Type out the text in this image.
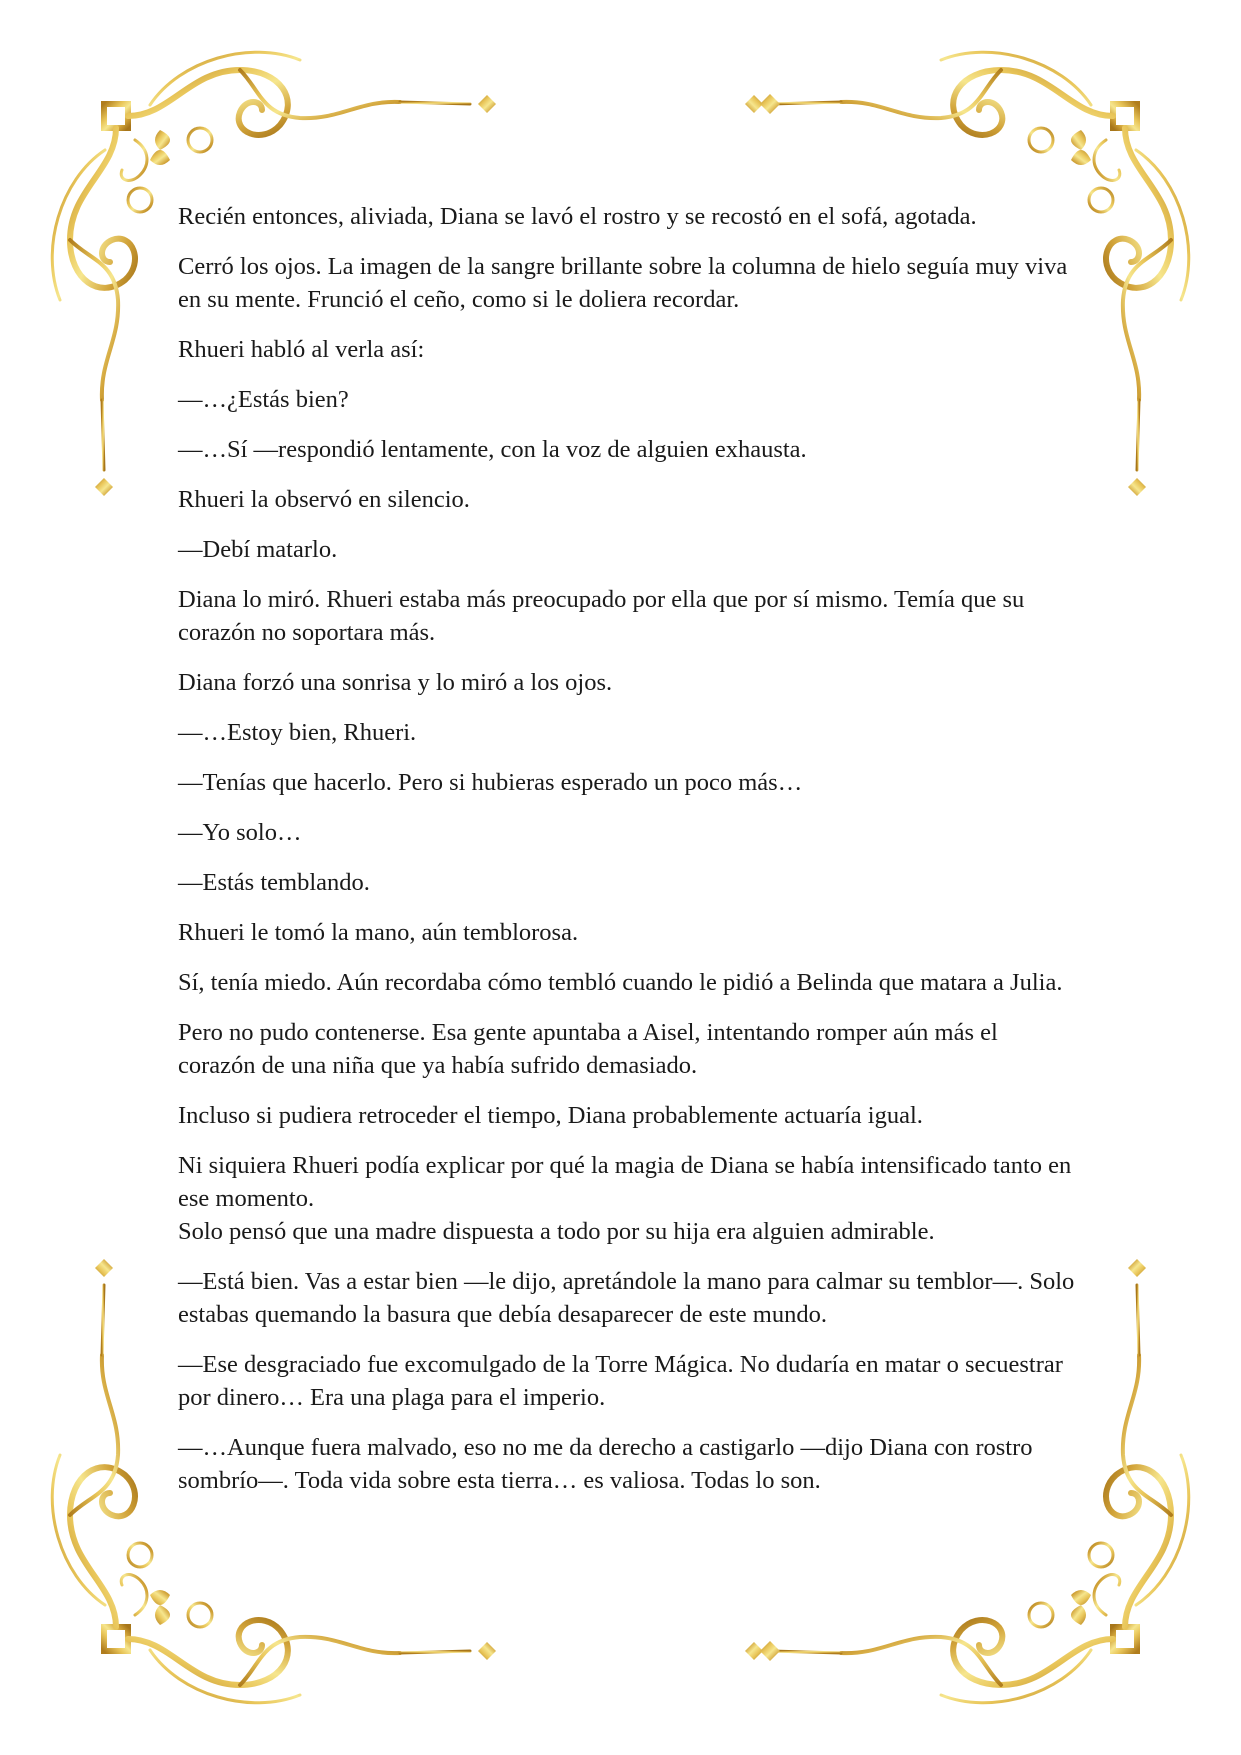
Recién entonces, aliviada, Diana se lavó el rostro y se recostó en el sofá, agotada.

Cerró los ojos. La imagen de la sangre brillante sobre la columna de hielo seguía muy viva en su mente. Frunció el ceño, como si le doliera recordar.

Rhueri habló al verla así:

—…¿Estás bien?

—…Sí —respondió lentamente, con la voz de alguien exhausta.

Rhueri la observó en silencio.

—Debí matarlo.

Diana lo miró. Rhueri estaba más preocupado por ella que por sí mismo. Temía que su corazón no soportara más.

Diana forzó una sonrisa y lo miró a los ojos.

—…Estoy bien, Rhueri.

—Tenías que hacerlo. Pero si hubieras esperado un poco más…

—Yo solo…

—Estás temblando.

Rhueri le tomó la mano, aún temblorosa.

Sí, tenía miedo. Aún recordaba cómo tembló cuando le pidió a Belinda que matara a Julia.

Pero no pudo contenerse. Esa gente apuntaba a Aisel, intentando romper aún más el corazón de una niña que ya había sufrido demasiado.

Incluso si pudiera retroceder el tiempo, Diana probablemente actuaría igual.

Ni siquiera Rhueri podía explicar por qué la magia de Diana se había intensificado tanto en ese momento.
Solo pensó que una madre dispuesta a todo por su hija era alguien admirable.

—Está bien. Vas a estar bien —le dijo, apretándole la mano para calmar su temblor—. Solo estabas quemando la basura que debía desaparecer de este mundo.

—Ese desgraciado fue excomulgado de la Torre Mágica. No dudaría en matar o secuestrar por dinero… Era una plaga para el imperio.

—…Aunque fuera malvado, eso no me da derecho a castigarlo —dijo Diana con rostro sombrío—. Toda vida sobre esta tierra… es valiosa. Todas lo son.
